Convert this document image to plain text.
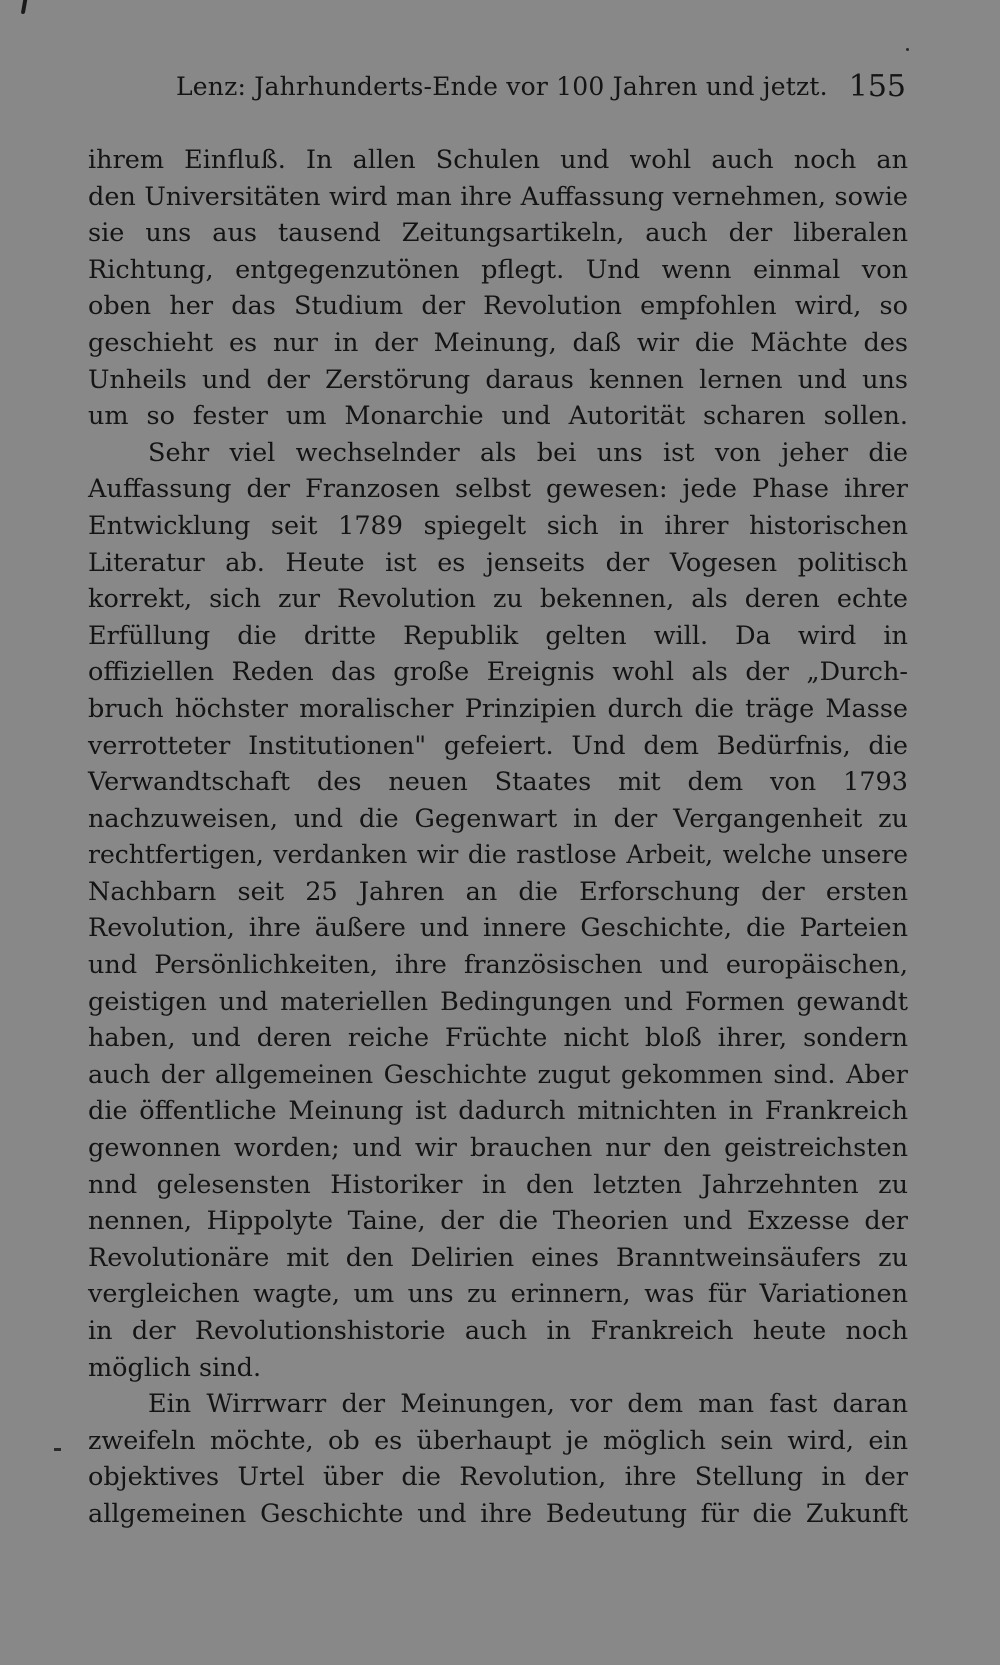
Lenz: Jahrhunderts-Ende vor 100 Jahren und jetzt. 155
ihrem Einfluß. In allen Schulen und wohl auch noch an
den Universitäten wird man ihre Auffassung vernehmen, sowie
sie uns aus tausend Zeitungsartikeln, auch der liberalen
Richtung, entgegenzutönen pflegt. Und wenn einmal von
oben her das Studium der Revolution empfohlen wird, so
geschieht es nur in der Meinung, daß wir die Mächte des
Unheils und der Zerstörung daraus kennen lernen und uns
um so fester um Monarchie und Autorität scharen sollen.
Sehr viel wechselnder als bei uns ist von jeher die
Auffassung der Franzosen selbst gewesen: jede Phase ihrer
Entwicklung seit 1789 spiegelt sich in ihrer historischen
Literatur ab. Heute ist es jenseits der Vogesen politisch
korrekt, sich zur Revolution zu bekennen, als deren echte
Erfüllung die dritte Republik gelten will. Da wird in
offiziellen Reden das große Ereignis wohl als der „Durch-
bruch höchster moralischer Prinzipien durch die träge Masse
verrotteter Institutionen" gefeiert. Und dem Bedürfnis, die
Verwandtschaft des neuen Staates mit dem von 1793
nachzuweisen, und die Gegenwart in der Vergangenheit zu
rechtfertigen, verdanken wir die rastlose Arbeit, welche unsere
Nachbarn seit 25 Jahren an die Erforschung der ersten
Revolution, ihre äußere und innere Geschichte, die Parteien
und Persönlichkeiten, ihre französischen und europäischen,
geistigen und materiellen Bedingungen und Formen gewandt
haben, und deren reiche Früchte nicht bloß ihrer, sondern
auch der allgemeinen Geschichte zugut gekommen sind. Aber
die öffentliche Meinung ist dadurch mitnichten in Frankreich
gewonnen worden; und wir brauchen nur den geistreichsten
nnd gelesensten Historiker in den letzten Jahrzehnten zu
nennen, Hippolyte Taine, der die Theorien und Exzesse der
Revolutionäre mit den Delirien eines Branntweinsäufers zu
vergleichen wagte, um uns zu erinnern, was für Variationen
in der Revolutionshistorie auch in Frankreich heute noch
möglich sind.
Ein Wirrwarr der Meinungen, vor dem man fast daran
zweifeln möchte, ob es überhaupt je möglich sein wird, ein
objektives Urtel über die Revolution, ihre Stellung in der
allgemeinen Geschichte und ihre Bedeutung für die Zukunft
